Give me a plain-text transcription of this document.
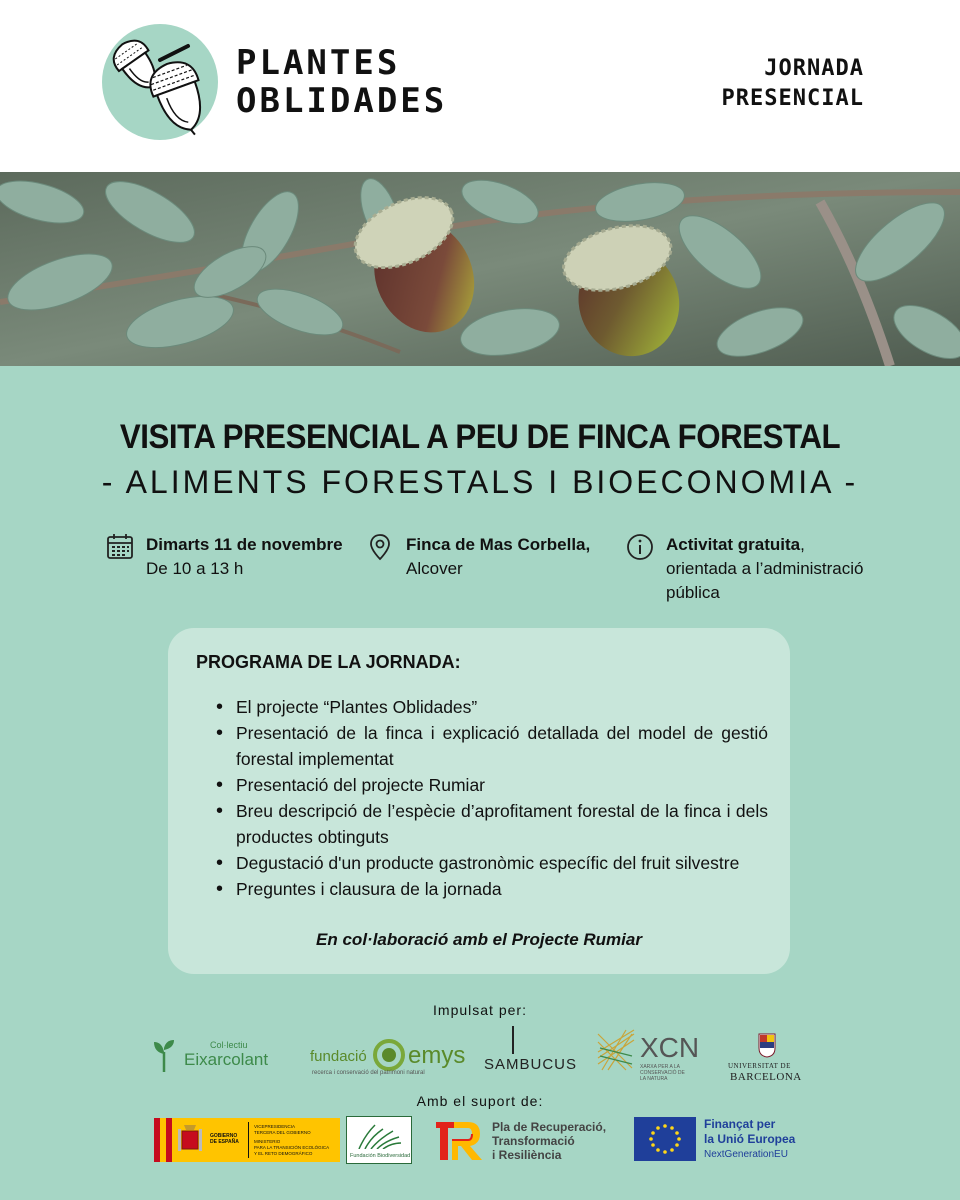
PLANTES
OBLIDADES
JORNADA
PRESENCIAL
VISITA PRESENCIAL A PEU DE FINCA FORESTAL
- ALIMENTS FORESTALS I BIOECONOMIA -
Dimarts 11 de novembre
De 10 a 13 h
Finca de Mas Corbella,
Alcover
Activitat gratuita,
orientada a l’administració
pública
PROGRAMA DE LA JORNADA:
• El projecte “Plantes Oblidades”
• Presentació de la finca i explicació detallada del model de gestió forestal implementat
• Presentació del projecte Rumiar
• Breu descripció de l’espècie d’aprofitament forestal de la finca i dels productes obtinguts
• Degustació d'un producte gastronòmic específic del fruit silvestre
• Preguntes i clausura de la jornada
En col·laboració amb el Projecte Rumiar
Impulsat per:
Col·lectiu
Eixarcolant	fundació emys
recerca i conservació del patrimoni natural	SAMBUCUS
XCN
XARXA PER A LA
CONSERVACIÓ DE
LA NATURA
UNIVERSITAT DE
BARCELONA
Amb el suport de:
GOBIERNO
DE ESPAÑA
VICEPRESIDENCIA
TERCERA DEL GOBIERNO
MINISTERIO
PARA LA TRANSICIÓN ECOLÓGICA
Y EL RETO DEMOGRÁFICO	Fundación Biodiversidad
Pla de Recuperació,
Transformació
i Resiliència
Finançat per
la Unió Europea
NextGenerationEU
